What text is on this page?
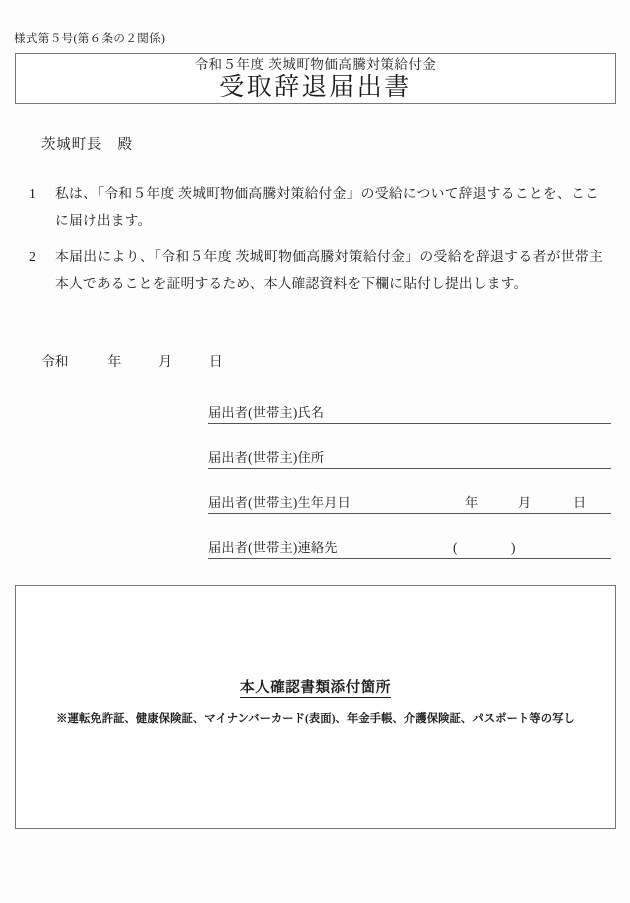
様式第５号(第６条の２関係)
令和５年度 茨城町物価高騰対策給付金
受取辞退届出書
茨城町長　殿
1	私は、「令和５年度 茨城町物価高騰対策給付金」の受給について辞退することを、ここに届け出ます。
2	本届出により、「令和５年度 茨城町物価高騰対策給付金」の受給を辞退する者が世帯主本人であることを証明するため、本人確認資料を下欄に貼付し提出します。
令和	年	月	日
届出者(世帯主)氏名
届出者(世帯主)住所
届出者(世帯主)生年月日	年	月	日
届出者(世帯主)連絡先	(	)
本人確認書類添付箇所
※運転免許証、健康保険証、マイナンバーカード(表面)、年金手帳、介護保険証、パスポート等の写し
